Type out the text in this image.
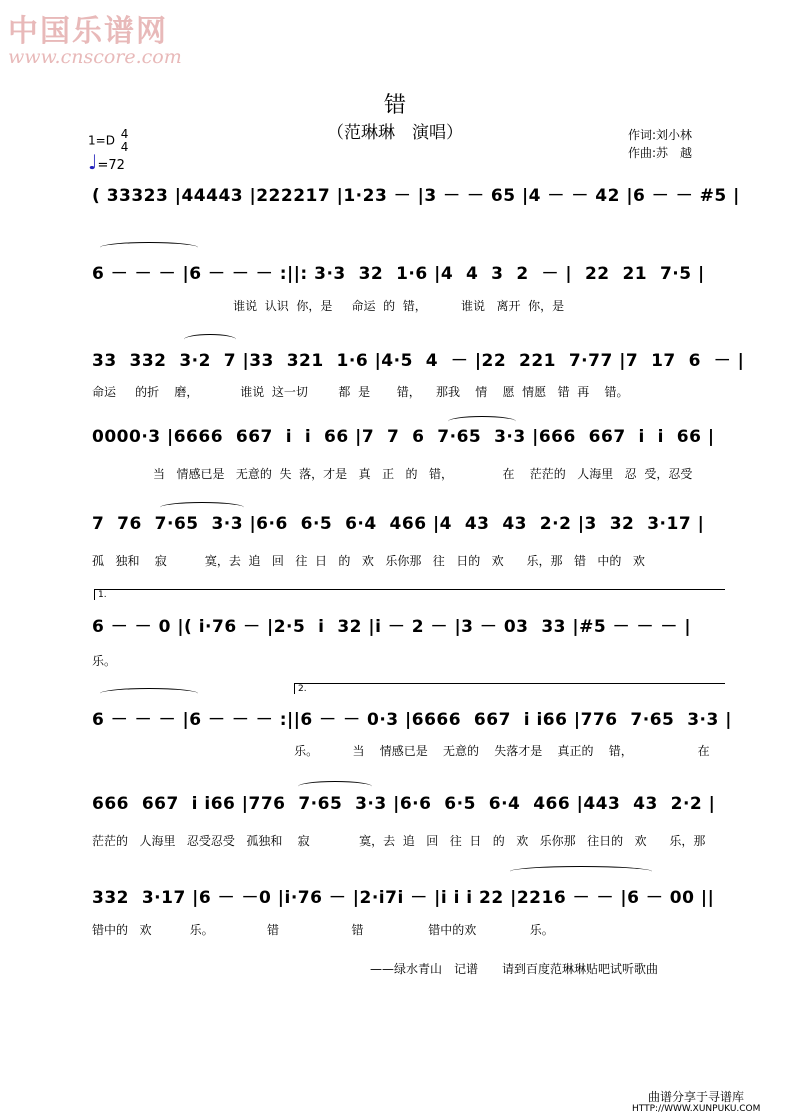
中国乐谱网
www.cnscore.com
错
（范琳琳　演唱）
1=D 4
4
♩=72
作词:刘小林
作曲:苏　越
( 33323 |44443 |222217 |1·23 － |3 － － 65 |4 － － 42 |6 － － #5 |
6 － － － |6 － － － :||: 3·3  32  1·6 |4  4  3  2  － |  22  21  7·5 |
谁说  认识  你，是     命运  的  错，         谁说   离开  你，是
33  332  3·2  7 |33  321  1·6 |4·5  4  － |22  221  7·77 |7  17  6  － |
命运     的折    磨，           谁说  这一切        都  是       错，    那我    情    愿  情愿   错  再    错。
0000·3 |6666  667  i  i  66 |7  7  6  7·65  3·3 |666  667  i  i  66 |
当   情感已是   无意的  失  落，才是   真   正   的   错，             在    茫茫的   人海里   忍  受，忍受
7  76  7·65  3·3 |6·6  6·5  6·4  466 |4  43  43  2·2 |3  32  3·17 |
孤   独和    寂          寞，去  追   回   往  日   的   欢   乐你那   往   日的   欢      乐，那   错   中的   欢
1.
6 － － 0 |( i·76 － |2·5  i  32 |i － 2 － |3 － 03  33 |#5 － － － |
乐。
2.
6 － － － |6 － － － :||6 － － 0·3 |6666  667  i i66 |776  7·65  3·3 |
乐。         当    情感已是    无意的    失落才是    真正的    错，                 在
666  667  i i66 |776  7·65  3·3 |6·6  6·5  6·4  466 |443  43  2·2 |
茫茫的   人海里   忍受忍受   孤独和    寂             寞，去  追   回   往  日   的   欢   乐你那   往日的   欢      乐，那
332  3·17 |6 － －0 |i·76 － |2·i7i － |i i i 22 |2216 － － |6 － 00 ||
错中的   欢          乐。              错                   错                 错中的欢              乐。
——绿水青山　记谱　　请到百度范琳琳贴吧试听歌曲
曲谱分享于寻谱库
HTTP://WWW.XUNPUKU.COM
